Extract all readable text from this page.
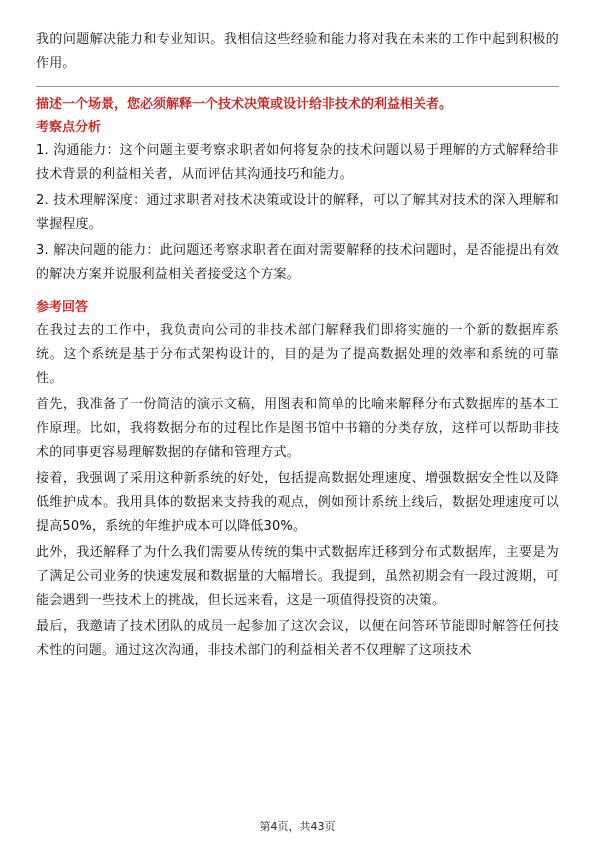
我的问题解决能力和专业知识。我相信这些经验和能力将对我在未来的工作中起到积极的作用。

描述一个场景，您必须解释一个技术决策或设计给非技术的利益相关者。
考察点分析

1. 沟通能力：这个问题主要考察求职者如何将复杂的技术问题以易于理解的方式解释给非技术背景的利益相关者，从而评估其沟通技巧和能力。

2. 技术理解深度：通过求职者对技术决策或设计的解释，可以了解其对技术的深入理解和掌握程度。

3. 解决问题的能力：此问题还考察求职者在面对需要解释的技术问题时，是否能提出有效的解决方案并说服利益相关者接受这个方案。

参考回答

在我过去的工作中，我负责向公司的非技术部门解释我们即将实施的一个新的数据库系统。这个系统是基于分布式架构设计的，目的是为了提高数据处理的效率和系统的可靠性。

首先，我准备了一份简洁的演示文稿，用图表和简单的比喻来解释分布式数据库的基本工作原理。比如，我将数据分布的过程比作是图书馆中书籍的分类存放，这样可以帮助非技术的同事更容易理解数据的存储和管理方式。

接着，我强调了采用这种新系统的好处，包括提高数据处理速度、增强数据安全性以及降低维护成本。我用具体的数据来支持我的观点，例如预计系统上线后，数据处理速度可以提高50%，系统的年维护成本可以降低30%。

此外，我还解释了为什么我们需要从传统的集中式数据库迁移到分布式数据库，主要是为了满足公司业务的快速发展和数据量的大幅增长。我提到，虽然初期会有一段过渡期，可能会遇到一些技术上的挑战，但长远来看，这是一项值得投资的决策。

最后，我邀请了技术团队的成员一起参加了这次会议，以便在问答环节能即时解答任何技术性的问题。通过这次沟通，非技术部门的利益相关者不仅理解了这项技术

第4页，共43页
